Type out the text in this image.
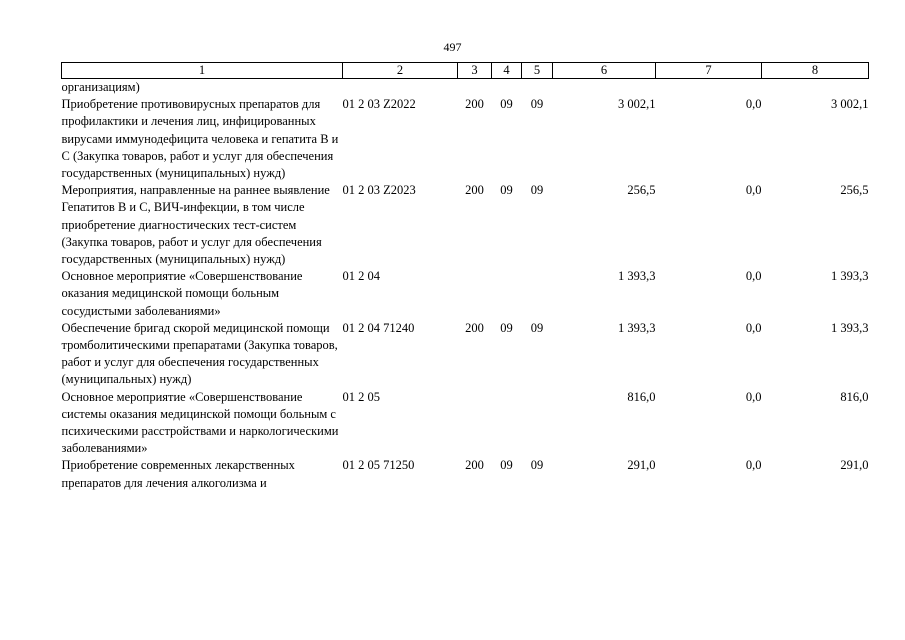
497
1	2	3	4	5	6	7	8
организациям)							
Приобретение противовирусных препаратов для профилактики и лечения лиц, инфицированных вирусами иммунодефицита человека и гепатита В и С (Закупка товаров, работ и услуг для обеспечения государственных (муниципальных) нужд)	01 2 03 Z2022	200	09	09	3 002,1	0,0	3 002,1
Мероприятия, направленные на раннее выявление Гепатитов В и С, ВИЧ-инфекции, в том числе приобретение диагностических тест-систем (Закупка товаров, работ и услуг для обеспечения государственных (муниципальных) нужд)	01 2 03 Z2023	200	09	09	256,5	0,0	256,5
Основное мероприятие «Совершенствование оказания медицинской помощи больным сосудистыми заболеваниями»	01 2 04				1 393,3	0,0	1 393,3
Обеспечение бригад скорой медицинской помощи тромболитическими препаратами (Закупка товаров, работ и услуг для обеспечения государственных (муниципальных) нужд)	01 2 04 71240	200	09	09	1 393,3	0,0	1 393,3
Основное мероприятие «Совершенствование системы оказания медицинской помощи больным с психическими расстройствами и наркологическими заболеваниями»	01 2 05				816,0	0,0	816,0
Приобретение современных лекарственных препаратов для лечения алкоголизма и	01 2 05 71250	200	09	09	291,0	0,0	291,0
